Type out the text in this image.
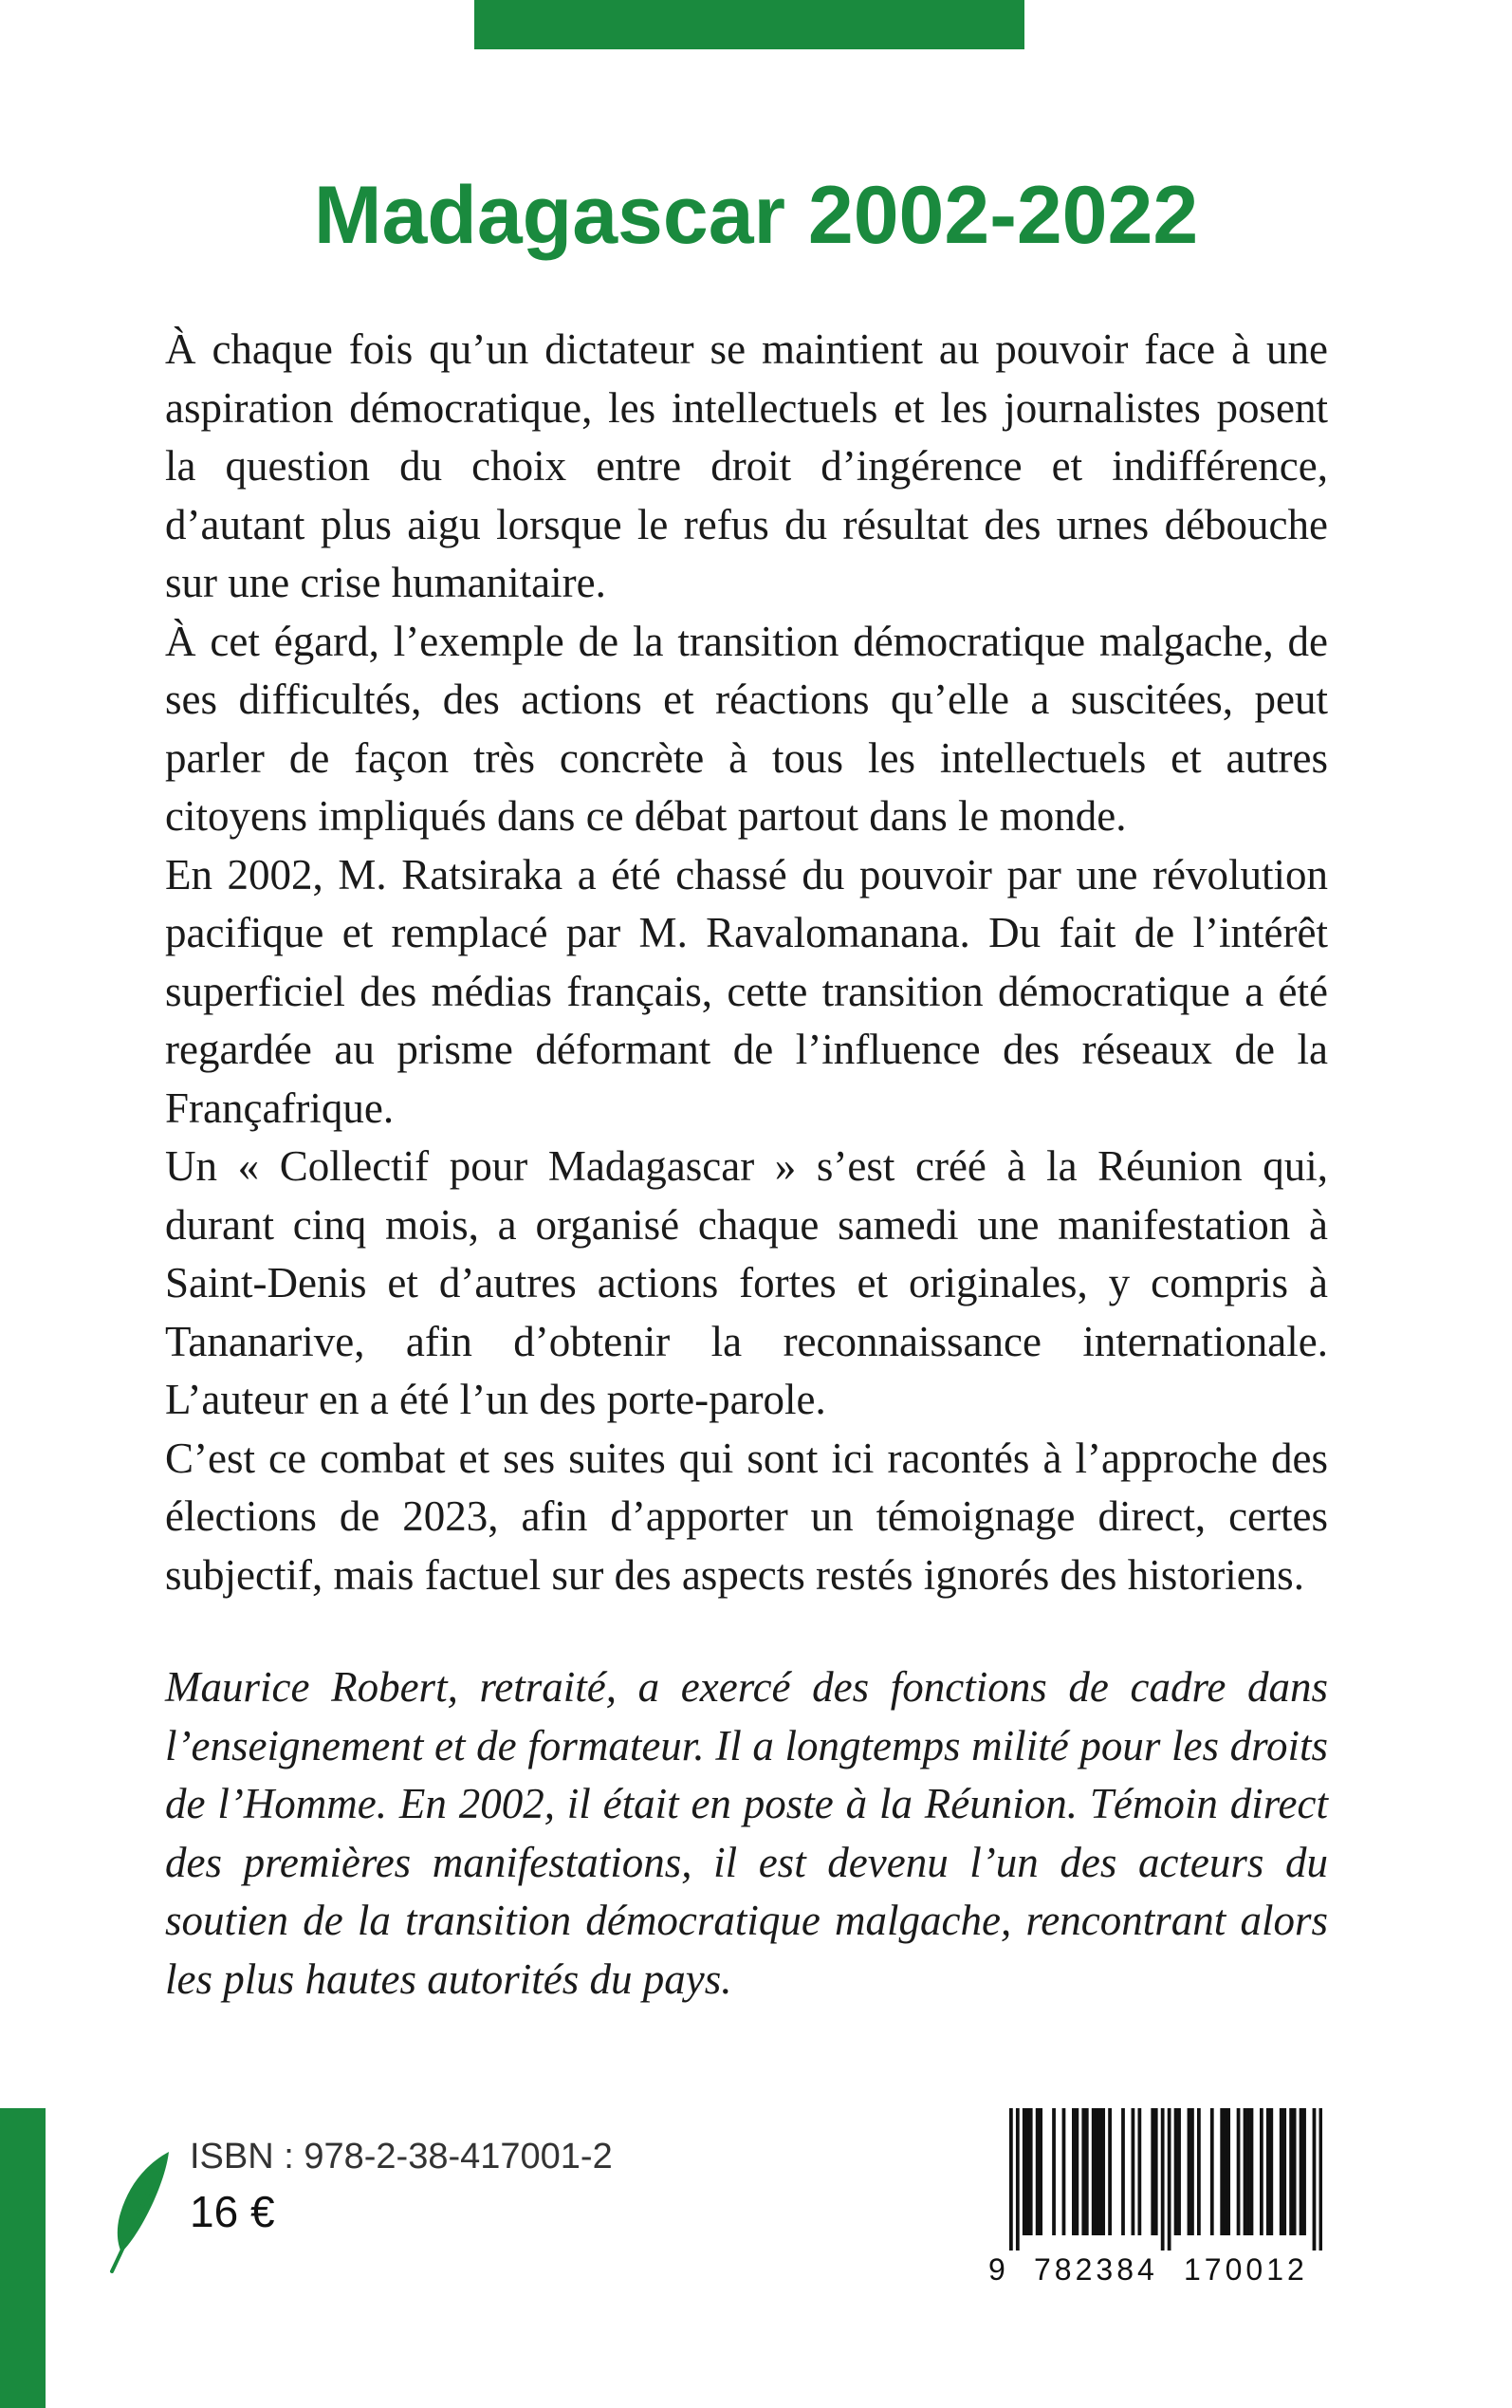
Madagascar 2002-2022

À chaque fois qu’un dictateur se maintient au pouvoir face à une aspiration démocratique, les intellectuels et les journalistes posent la question du choix entre droit d’ingérence et indifférence, d’autant plus aigu lorsque le refus du résultat des urnes débouche sur une crise humanitaire.

À cet égard, l’exemple de la transition démocratique malgache, de ses difficultés, des actions et réactions qu’elle a suscitées, peut parler de façon très concrète à tous les intellectuels et autres citoyens impliqués dans ce débat partout dans le monde.

En 2002, M. Ratsiraka a été chassé du pouvoir par une révolution pacifique et remplacé par M. Ravalomanana. Du fait de l’intérêt superficiel des médias français, cette transition démocratique a été regardée au prisme déformant de l’influence des réseaux de la Françafrique.

Un « Collectif pour Madagascar » s’est créé à la Réunion qui, durant cinq mois, a organisé chaque samedi une manifestation à Saint-Denis et d’autres actions fortes et originales, y compris à Tananarive, afin d’obtenir la reconnaissance internationale. L’auteur en a été l’un des porte-parole.

C’est ce combat et ses suites qui sont ici racontés à l’approche des élections de 2023, afin d’apporter un témoignage direct, certes subjectif, mais factuel sur des aspects restés ignorés des historiens.

Maurice Robert, retraité, a exercé des fonctions de cadre dans l’enseignement et de formateur. Il a longtemps milité pour les droits de l’Homme. En 2002, il était en poste à la Réunion. Témoin direct des premières manifestations, il est devenu l’un des acteurs du soutien de la transition démocratique malgache, rencontrant alors les plus hautes autorités du pays.

ISBN : 978-2-38-417001-2
16 €
9 782384 170012
